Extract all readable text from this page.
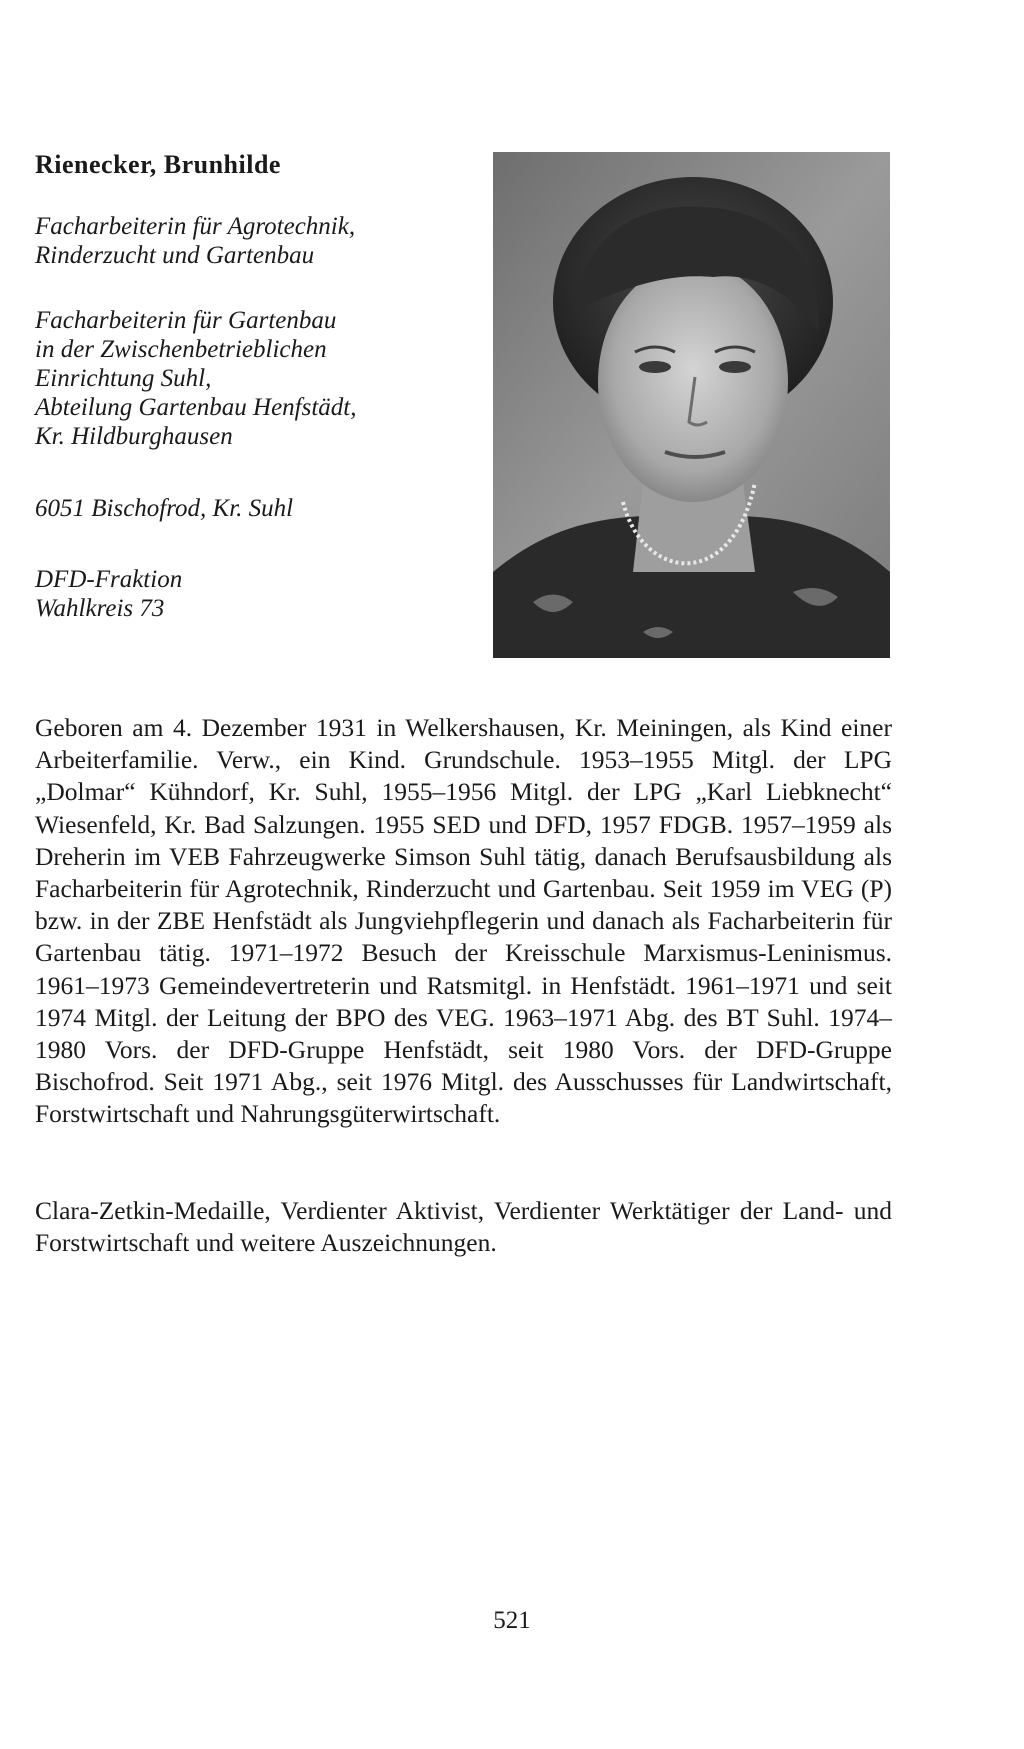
Rienecker, Brunhilde

Facharbeiterin für Agrotechnik,
Rinderzucht und Gartenbau

Facharbeiterin für Gartenbau
in der Zwischenbetrieblichen
Einrichtung Suhl,
Abteilung Gartenbau Henfstädt,
Kr. Hildburghausen

6051 Bischofrod, Kr. Suhl

DFD-Fraktion
Wahlkreis 73

Geboren am 4. Dezember 1931 in Welkershausen, Kr. Meiningen, als Kind einer Arbeiterfamilie. Verw., ein Kind. Grundschule. 1953–1955 Mitgl. der LPG „Dolmar“ Kühndorf, Kr. Suhl, 1955–1956 Mitgl. der LPG „Karl Liebknecht“ Wiesenfeld, Kr. Bad Salzungen. 1955 SED und DFD, 1957 FDGB. 1957–1959 als Dreherin im VEB Fahrzeugwerke Simson Suhl tätig, danach Berufsausbildung als Facharbeiterin für Agrotechnik, Rinderzucht und Gartenbau. Seit 1959 im VEG (P) bzw. in der ZBE Henfstädt als Jungviehpflegerin und danach als Facharbeiterin für Gartenbau tätig. 1971–1972 Besuch der Kreisschule Marxismus-Leninismus. 1961–1973 Gemeindevertreterin und Ratsmitgl. in Henfstädt. 1961–1971 und seit 1974 Mitgl. der Leitung der BPO des VEG. 1963–1971 Abg. des BT Suhl. 1974–1980 Vors. der DFD-Gruppe Henfstädt, seit 1980 Vors. der DFD-Gruppe Bischofrod. Seit 1971 Abg., seit 1976 Mitgl. des Ausschusses für Landwirtschaft, Forstwirtschaft und Nahrungsgüterwirtschaft.

Clara-Zetkin-Medaille, Verdienter Aktivist, Verdienter Werktätiger der Land- und Forstwirtschaft und weitere Auszeichnungen.

521
